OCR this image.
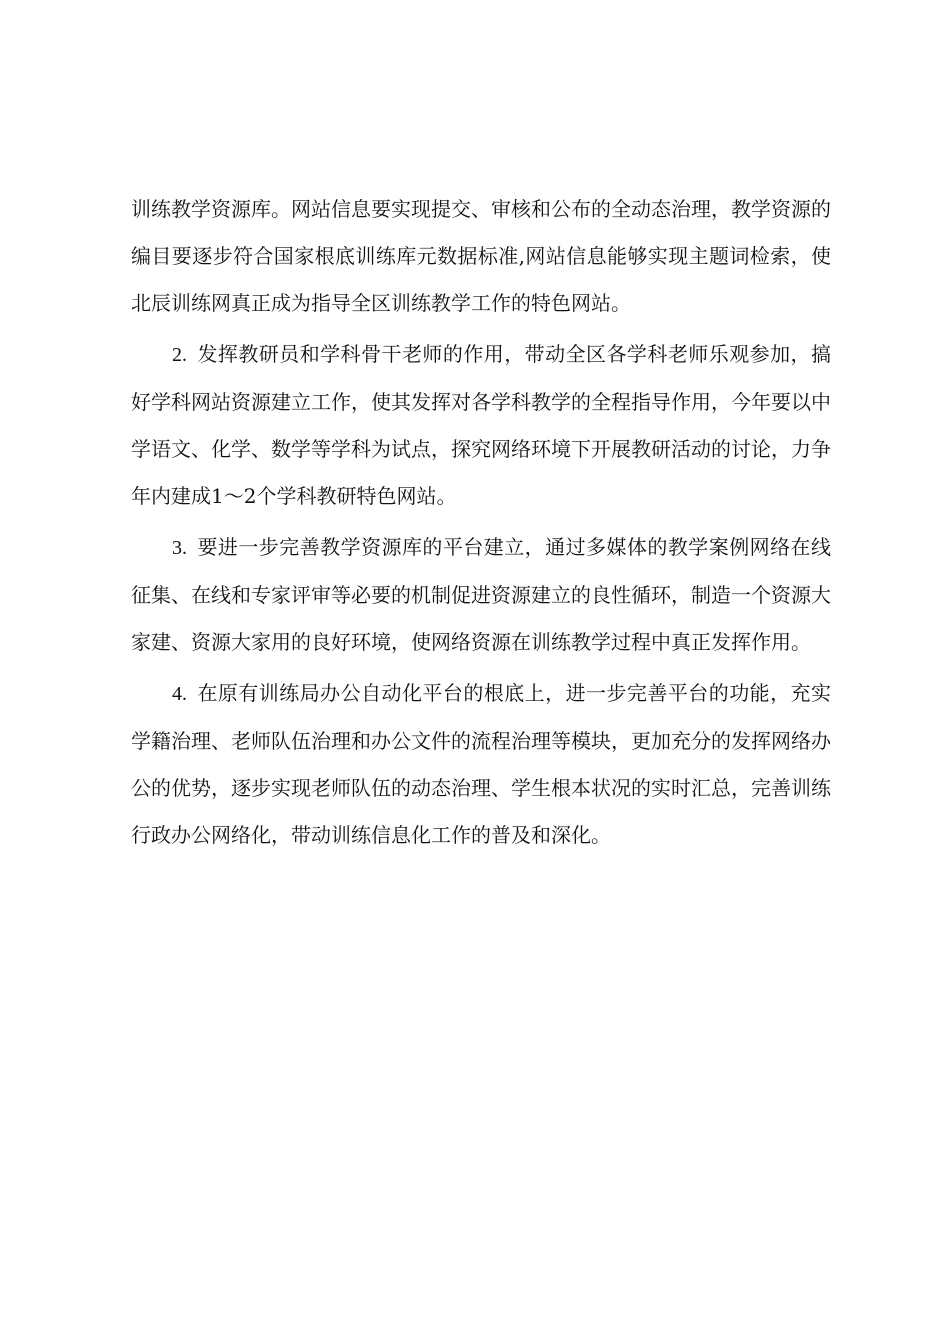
训练教学资源库。网站信息要实现提交、审核和公布的全动态治理，教学资源的编目要逐步符合国家根底训练库元数据标准,网站信息能够实现主题词检索，使北辰训练网真正成为指导全区训练教学工作的特色网站。

2. 发挥教研员和学科骨干老师的作用，带动全区各学科老师乐观参加，搞好学科网站资源建立工作，使其发挥对各学科教学的全程指导作用，今年要以中学语文、化学、数学等学科为试点，探究网络环境下开展教研活动的讨论，力争年内建成1～2个学科教研特色网站。

3. 要进一步完善教学资源库的平台建立，通过多媒体的教学案例网络在线征集、在线和专家评审等必要的机制促进资源建立的良性循环，制造一个资源大家建、资源大家用的良好环境，使网络资源在训练教学过程中真正发挥作用。

4. 在原有训练局办公自动化平台的根底上，进一步完善平台的功能，充实学籍治理、老师队伍治理和办公文件的流程治理等模块，更加充分的发挥网络办公的优势，逐步实现老师队伍的动态治理、学生根本状况的实时汇总，完善训练行政办公网络化，带动训练信息化工作的普及和深化。
